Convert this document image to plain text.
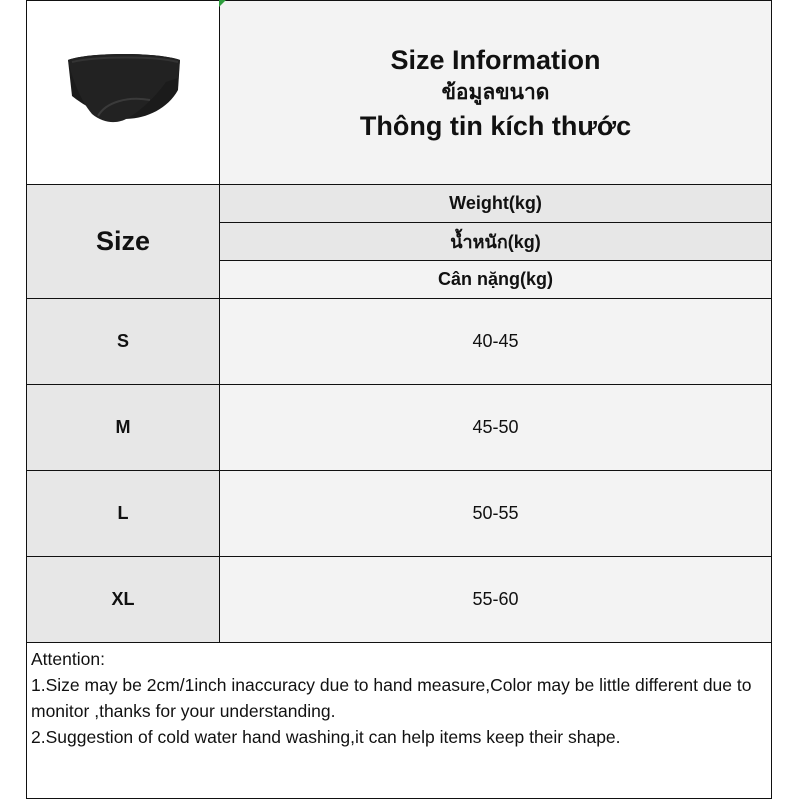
Size Information
ข้อมูลขนาด
Thông tin kích thước
Size
Weight(kg)
น้ำหนัก(kg)
Cân nặng(kg)
S	40-45
M	45-50
L	50-55
XL	55-60
Attention:
1.Size may be 2cm/1inch inaccuracy due to hand measure,Color may be little different due to monitor ,thanks for your understanding.
2.Suggestion of cold water hand washing,it can help items keep their shape.
